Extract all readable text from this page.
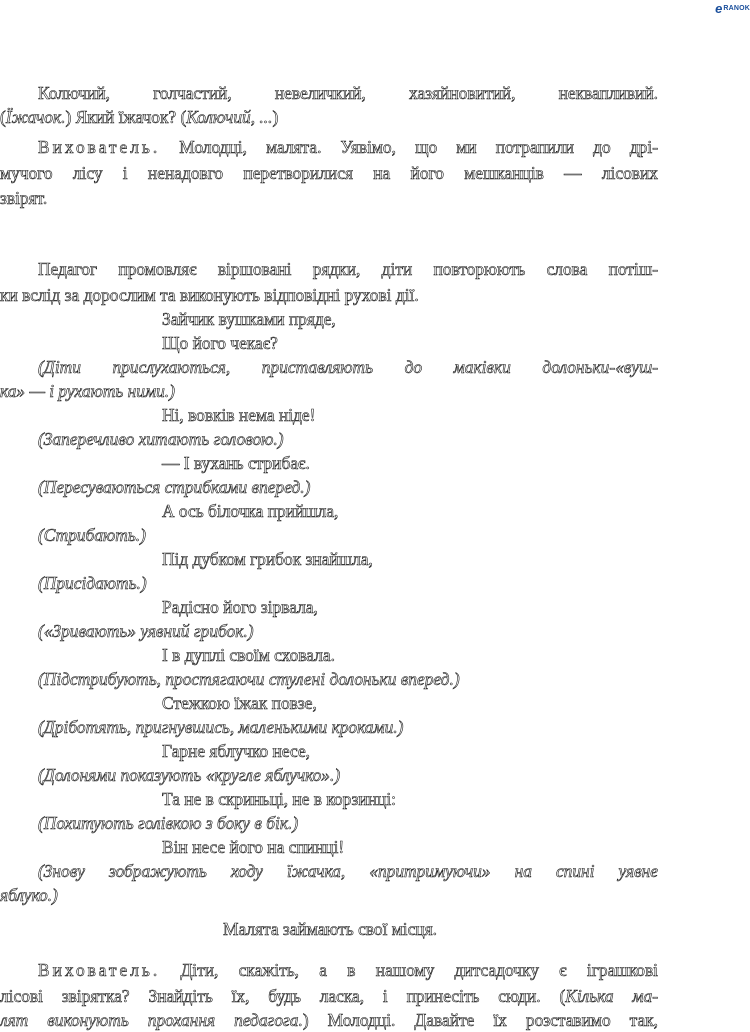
e RANOK
Колючий, голчастий, невеличкий, хазяйновитий, неквапливий.
(Їжачок.) Який їжачок? (Колючий, ...)
Вихователь. Молодці, малята. Уявімо, що ми потрапили до дрі-
мучого лісу і ненадовго перетворилися на його мешканців — лісових
звірят.
Педагог промовляє віршовані рядки, діти повторюють слова потіш-
ки вслід за дорослим та виконують відповідні рухові дії.
Зайчик вушками пряде,
Що його чекає?
(Діти прислухаються, приставляють до маківки долоньки-«вуш-
ка» — і рухають ними.)
Ні, вовків нема ніде!
(Заперечливо хитають головою.)
— І вухань стрибає.
(Пересуваються стрибками вперед.)
А ось білочка прийшла,
(Стрибають.)
Під дубком грибок знайшла,
(Присідають.)
Радісно його зірвала,
(«Зривають» уявний грибок.)
І в дуплі своїм сховала.
(Підстрибують, простягаючи стулені долоньки вперед.)
Стежкою їжак повзе,
(Дріботять, пригнувшись, маленькими кроками.)
Гарне яблучко несе,
(Долонями показують «кругле яблучко».)
Та не в скриньці, не в корзинці:
(Похитують голівкою з боку в бік.)
Він несе його на спинці!
(Знову зображують ходу їжачка, «притримуючи» на спині уявне
яблуко.)
Малята займають свої місця.
Вихователь. Діти, скажіть, а в нашому дитсадочку є іграшкові
лісові звірятка? Знайдіть їх, будь ласка, і принесіть сюди. (Кілька ма-
лят виконують прохання педагога.) Молодці. Давайте їх розставимо так,
